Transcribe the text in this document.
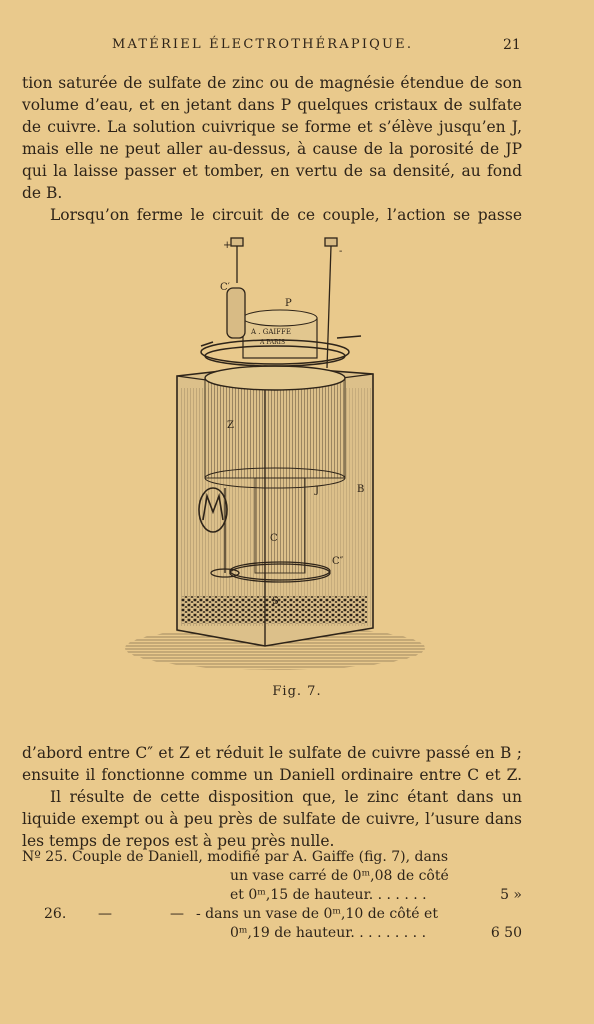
MATÉRIEL ÉLECTROTHÉRAPIQUE.	21
tion saturée de sulfate de zinc ou de magnésie étendue de son
volume d’eau, et en jetant dans P quelques cristaux de sulfate
de cuivre. La solution cuivrique se forme et s’élève jusqu’en J,
mais elle ne peut aller au-dessus, à cause de la porosité de JP
qui la laisse passer et tomber, en vertu de sa densité, au fond
de B.
Lorsqu’on ferme le circuit de ce couple, l’action se passe
+
-
C′
P
A . GAIFFE
A PARIS
Z
J	B
C
C″
S
Fig. 7.
d’abord entre C″ et Z et réduit le sulfate de cuivre passé en B ;
ensuite il fonctionne comme un Daniell ordinaire entre C et Z.
Il résulte de cette disposition que, le zinc étant dans un
liquide exempt ou à peu près de sulfate de cuivre, l’usure dans
les temps de repos est à peu près nulle.
Nº 25. Couple de Daniell, modifié par A. Gaiffe (fig. 7), dans
un vase carré de 0ᵐ,08 de côté
et 0ᵐ,15 de hauteur. . . . . . .	5 »
26. —	— - dans un vase de 0ᵐ,10 de côté et
0ᵐ,19 de hauteur. . . . . . . . .	6 50
